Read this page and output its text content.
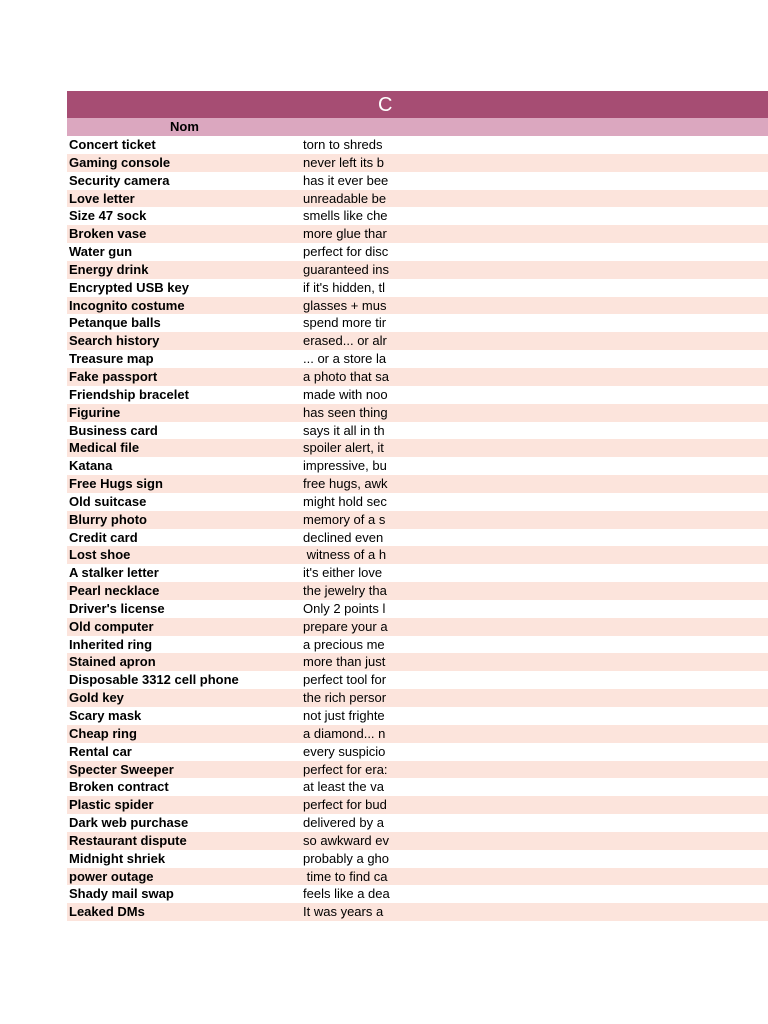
C
Nom
Concert ticket	torn to shreds
Gaming console	never left its b
Security camera	has it ever bee
Love letter	unreadable be
Size 47 sock	smells like che
Broken vase	more glue thar
Water gun	perfect for disc
Energy drink	guaranteed ins
Encrypted USB key	if it's hidden, tl
Incognito costume	glasses + mus
Petanque balls	spend more tir
Search history	erased... or alr
Treasure map	... or a store la
Fake passport	a photo that sa
Friendship bracelet	made with noo
Figurine	has seen thing
Business card	says it all in th
Medical file	spoiler alert, it
Katana	impressive, bu
Free Hugs sign	free hugs, awk
Old suitcase	might hold sec
Blurry photo	memory of a s
Credit card	declined even
Lost shoe	witness of a h
A stalker letter	it's either love
Pearl necklace	the jewelry tha
Driver's license	Only 2 points l
Old computer	prepare your a
Inherited ring	a precious me
Stained apron	more than just
Disposable 3312 cell phone	perfect tool for
Gold key	the rich persor
Scary mask	not just frighte
Cheap ring	a diamond... n
Rental car	every suspicio
Specter Sweeper	perfect for era:
Broken contract	at least the va
Plastic spider	perfect for bud
Dark web purchase	delivered by a
Restaurant dispute	so awkward ev
Midnight shriek	probably a gho
power outage	time to find ca
Shady mail swap	feels like a dea
Leaked DMs	It was years a
